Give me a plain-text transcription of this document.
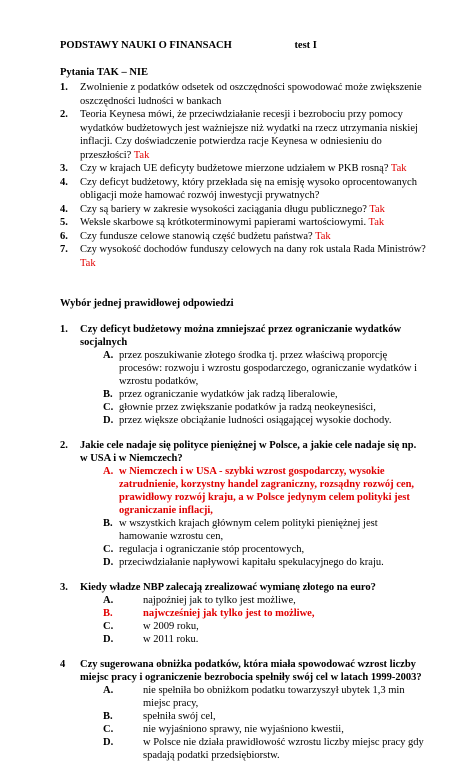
PODSTAWY NAUKI O FINANSACH	test I
Pytania TAK – NIE
1. Zwolnienie z podatków odsetek od oszczędności spowodować może zwiększenie oszczędności ludności w bankach
2. Teoria Keynesa mówi, że przeciwdziałanie recesji i bezrobociu przy pomocy wydatków budżetowych jest ważniejsze niż wydatki na rzecz utrzymania niskiej inflacji. Czy doświadczenie potwierdza racje Keynesa w odniesieniu do przeszłości? Tak
3. Czy w krajach UE deficyty budżetowe mierzone udziałem w PKB rosną? Tak
4. Czy deficyt budżetowy, który przekłada się na emisję wysoko oprocentowanych obligacji może hamować rozwój inwestycji prywatnych?
4. Czy są bariery w zakresie wysokości zaciągania długu publicznego? Tak
5. Weksle skarbowe są krótkoterminowymi papierami wartościowymi. Tak
6. Czy fundusze celowe stanowią część budżetu państwa? Tak
7. Czy wysokość dochodów funduszy celowych na dany rok ustala Rada Ministrów? Tak
Wybór jednej prawidłowej odpowiedzi
1. Czy deficyt budżetowy można zmniejszać przez ograniczanie wydatków socjalnych
A. przez poszukiwanie złotego środka tj. przez właściwą proporcję procesów: rozwoju i wzrostu gospodarczego, ograniczanie wydatków i wzrostu podatków,
B. przez ograniczanie wydatków jak radzą liberalowie,
C. głownie przez zwiększanie podatków ja radzą neokeynesiści,
D. przez większe obciążanie ludności osiągającej wysokie dochody.
2. Jakie cele nadaje się polityce pieniężnej w Polsce, a jakie cele nadaje się np. w USA i w Niemczech?
A. w Niemczech i w USA - szybki wzrost gospodarczy, wysokie zatrudnienie, korzystny handel zagraniczny, rozsądny rozwój cen, prawidłowy rozwój kraju, a w Polsce jedynym celem polityki jest ograniczanie inflacji,
B. w wszystkich krajach głównym celem polityki pieniężnej jest hamowanie wzrostu cen,
C. regulacja i ograniczanie stóp procentowych,
D. przeciwdziałanie napływowi kapitału spekulacyjnego do kraju.
3. Kiedy władze NBP zalecają zrealizować wymianę złotego na euro?
A.	najpoźniej jak to tylko jest możliwe,
B.	najwcześniej jak tylko jest to możliwe,
C.	w 2009 roku,
D.	w 2011 roku.
4 Czy sugerowana obniżka podatków, która miała spowodować wzrost liczby miejsc pracy i ograniczenie bezrobocia spełniły swój cel w latach 1999-2003?
A.	nie spełniła bo obniżkom podatku towarzyszył ubytek 1,3 min miejsc pracy,
B.	spełniła swój cel,
C.	nie wyjaśniono sprawy, nie wyjaśniono kwestii,
D.	w Polsce nie działa prawidłowość wzrostu liczby miejsc pracy gdy spadają podatki przedsiębiorstw.
